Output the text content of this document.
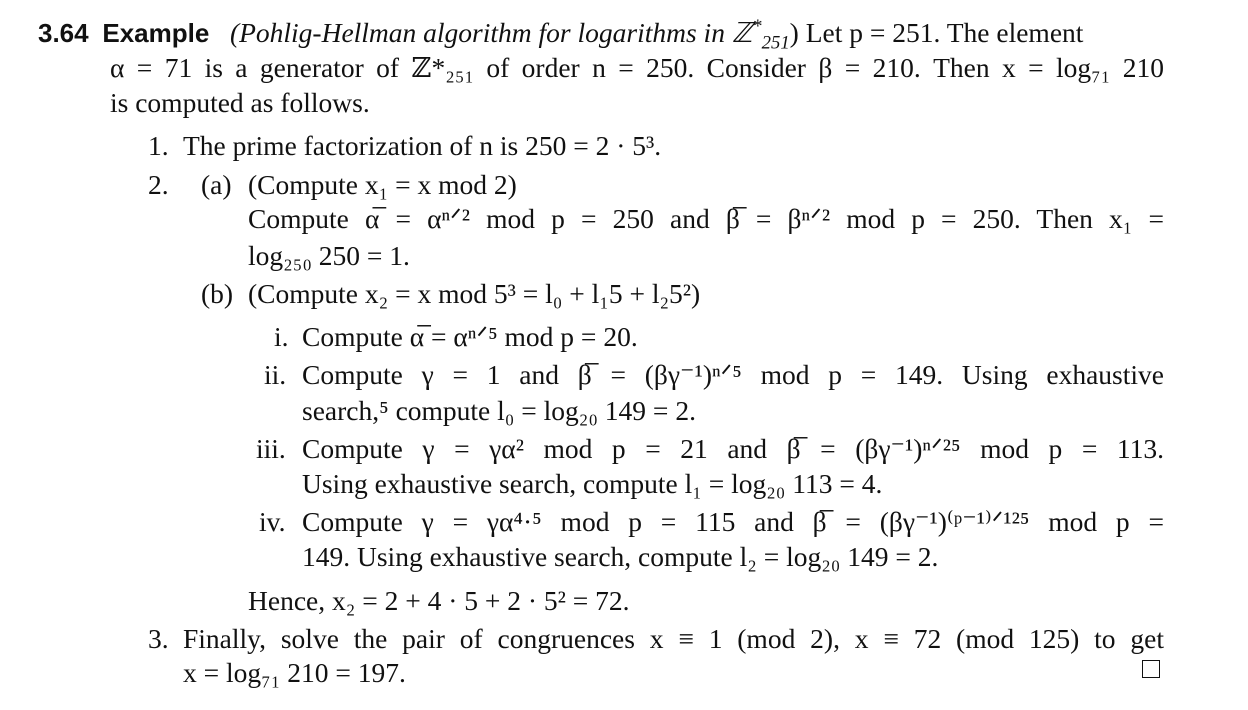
3.64 Example (Pohlig-Hellman algorithm for logarithms in ℤ*$_{251}$) Let p = 251. The element
α = 71 is a generator of ℤ*₂₅₁ of order n = 250. Consider β = 210. Then x = log₇₁ 210
is computed as follows.
1. The prime factorization of n is 250 = 2 · 5³.
2. (a) (Compute x₁ = x mod 2)
Compute α̅ = αⁿᐟ² mod p = 250 and β̅ = βⁿᐟ² mod p = 250. Then x₁ =
log₂₅₀ 250 = 1.
(b) (Compute x₂ = x mod 5³ = l₀ + l₁5 + l₂5²)
i. Compute α̅ = αⁿᐟ⁵ mod p = 20.
ii. Compute γ = 1 and β̅ = (βγ⁻¹)ⁿᐟ⁵ mod p = 149. Using exhaustive
search,⁵ compute l₀ = log₂₀ 149 = 2.
iii. Compute γ = γα² mod p = 21 and β̅ = (βγ⁻¹)ⁿᐟ²⁵ mod p = 113.
Using exhaustive search, compute l₁ = log₂₀ 113 = 4.
iv. Compute γ = γα⁴·⁵ mod p = 115 and β̅ = (βγ⁻¹)⁽ᵖ⁻¹⁾ᐟ¹²⁵ mod p =
149. Using exhaustive search, compute l₂ = log₂₀ 149 = 2.
Hence, x₂ = 2 + 4 · 5 + 2 · 5² = 72.
3. Finally, solve the pair of congruences x ≡ 1 (mod 2), x ≡ 72 (mod 125) to get
x = log₇₁ 210 = 197.
